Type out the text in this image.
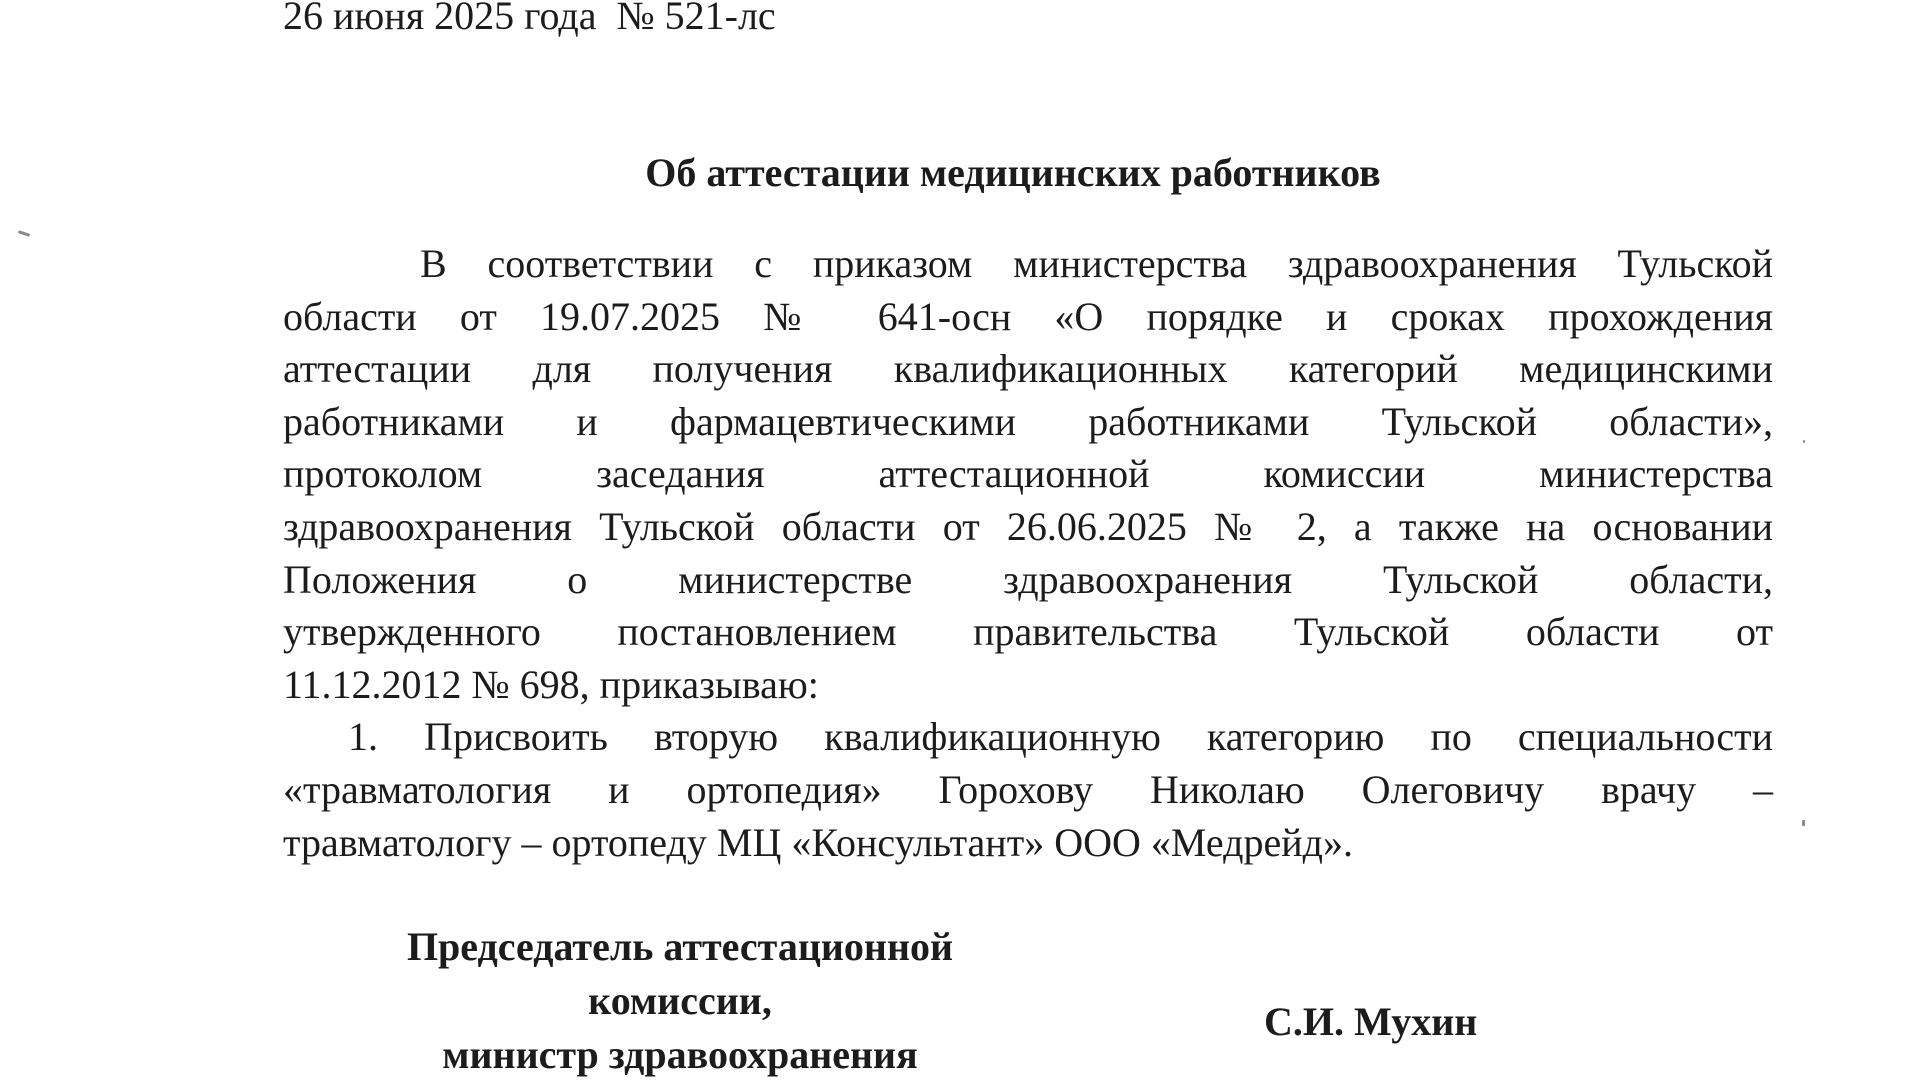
26 июня 2025 года  № 521-лс
Об аттестации медицинских работников
В соответствии с приказом министерства здравоохранения Тульской
области от 19.07.2025 № 641-осн «О порядке и сроках прохождения
аттестации для получения квалификационных категорий медицинскими
работниками и фармацевтическими работниками Тульской области»,
протоколом заседания аттестационной комиссии министерства
здравоохранения Тульской области от 26.06.2025 № 2, а также на основании
Положения о министерстве здравоохранения Тульской области,
утвержденного постановлением правительства Тульской области от
11.12.2012 № 698, приказываю:
1. Присвоить вторую квалификационную категорию по специальности
«травматология и ортопедия» Горохову Николаю Олеговичу врачу –
травматологу – ортопеду МЦ «Консультант» ООО «Медрейд».
Председатель аттестационной
комиссии,
министр здравоохранения
С.И. Мухин
